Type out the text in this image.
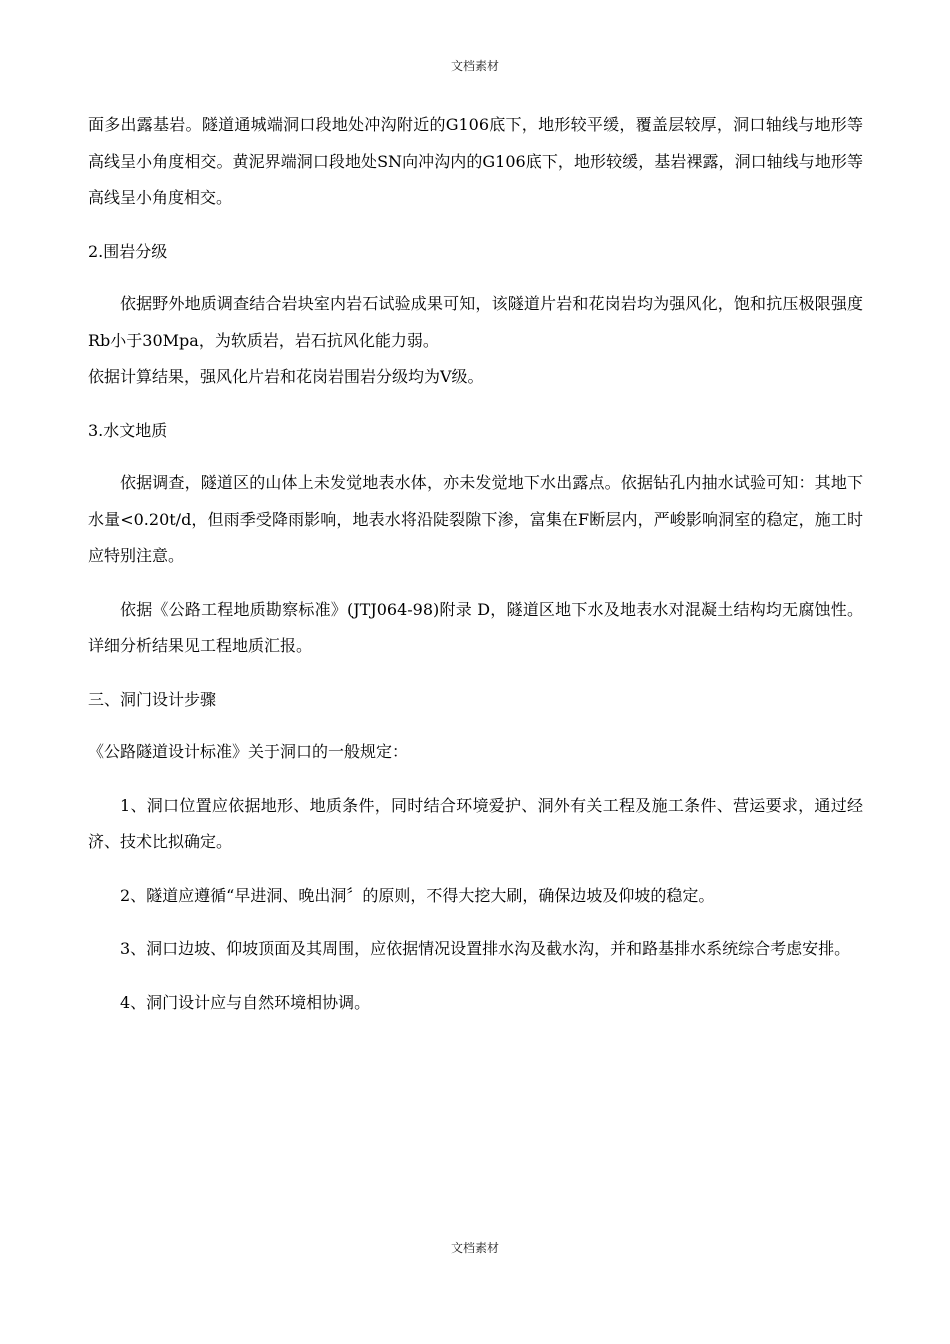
文档素材

面多出露基岩。隧道通城端洞口段地处冲沟附近的G106底下，地形较平缓，覆盖层较厚，洞口轴线与地形等高线呈小角度相交。黄泥界端洞口段地处SN向冲沟内的G106底下，地形较缓，基岩裸露，洞口轴线与地形等高线呈小角度相交。

2.围岩分级

依据野外地质调查结合岩块室内岩石试验成果可知，该隧道片岩和花岗岩均为强风化，饱和抗压极限强度Rb小于30Mpa，为软质岩，岩石抗风化能力弱。

依据计算结果，强风化片岩和花岗岩围岩分级均为Ⅴ级。

3.水文地质

依据调查，隧道区的山体上未发觉地表水体，亦未发觉地下水出露点。依据钻孔内抽水试验可知：其地下水量<0.20t/d，但雨季受降雨影响，地表水将沿陡裂隙下渗，富集在F断层内，严峻影响洞室的稳定，施工时应特别注意。

依据《公路工程地质勘察标准》(JTJ064-98)附录 D，隧道区地下水及地表水对混凝土结构均无腐蚀性。详细分析结果见工程地质汇报。

三、洞门设计步骤

《公路隧道设计标准》关于洞口的一般规定：

1、洞口位置应依据地形、地质条件，同时结合环境爱护、洞外有关工程及施工条件、营运要求，通过经济、技术比拟确定。

2、隧道应遵循“早进洞、晚出洞〞的原则，不得大挖大刷，确保边坡及仰坡的稳定。

3、洞口边坡、仰坡顶面及其周围，应依据情况设置排水沟及截水沟，并和路基排水系统综合考虑安排。

4、洞门设计应与自然环境相协调。

文档素材
